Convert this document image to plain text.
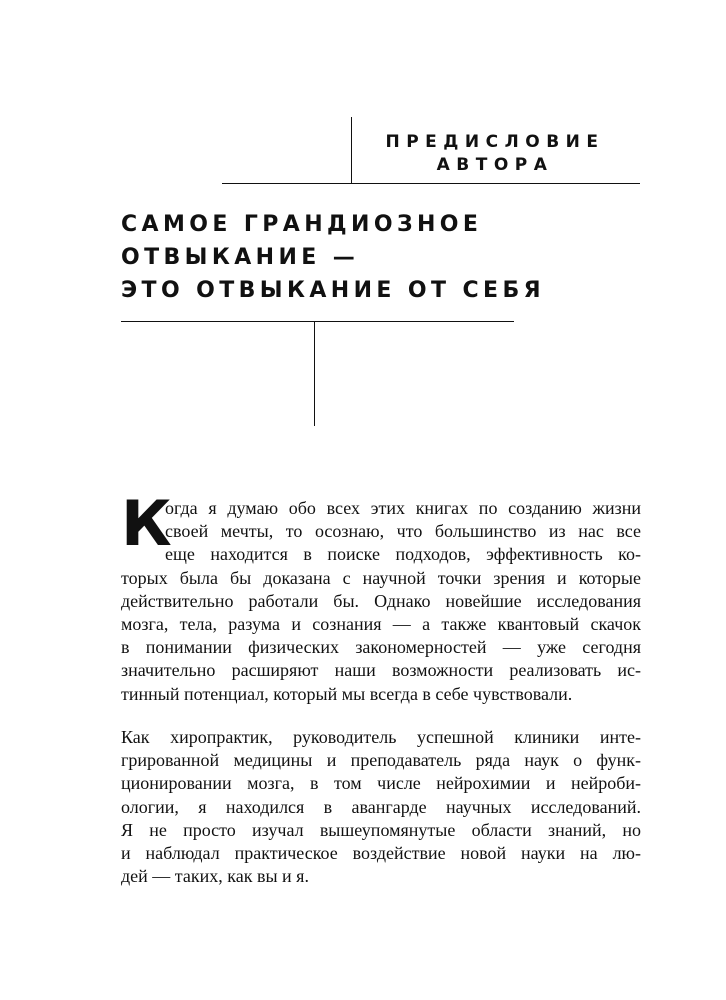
ПРЕДИСЛОВИЕ
АВТОРА
САМОЕ ГРАНДИОЗНОЕ
ОТВЫКАНИЕ —
ЭТО ОТВЫКАНИЕ ОТ СЕБЯ
К
огда я думаю обо всех этих книгах по созданию жизни
своей мечты, то осознаю, что большинство из нас все
еще находится в поиске подходов, эффективность ко-
торых была бы доказана с научной точки зрения и которые
действительно работали бы. Однако новейшие исследования
мозга, тела, разума и сознания — а также квантовый скачок
в понимании физических закономерностей — уже сегодня
значительно расширяют наши возможности реализовать ис-
тинный потенциал, который мы всегда в себе чувствовали.
Как хиропрактик, руководитель успешной клиники инте-
грированной медицины и преподаватель ряда наук о функ-
ционировании мозга, в том числе нейрохимии и нейроби-
ологии, я находился в авангарде научных исследований.
Я не просто изучал вышеупомянутые области знаний, но
и наблюдал практическое воздействие новой науки на лю-
дей — таких, как вы и я.
